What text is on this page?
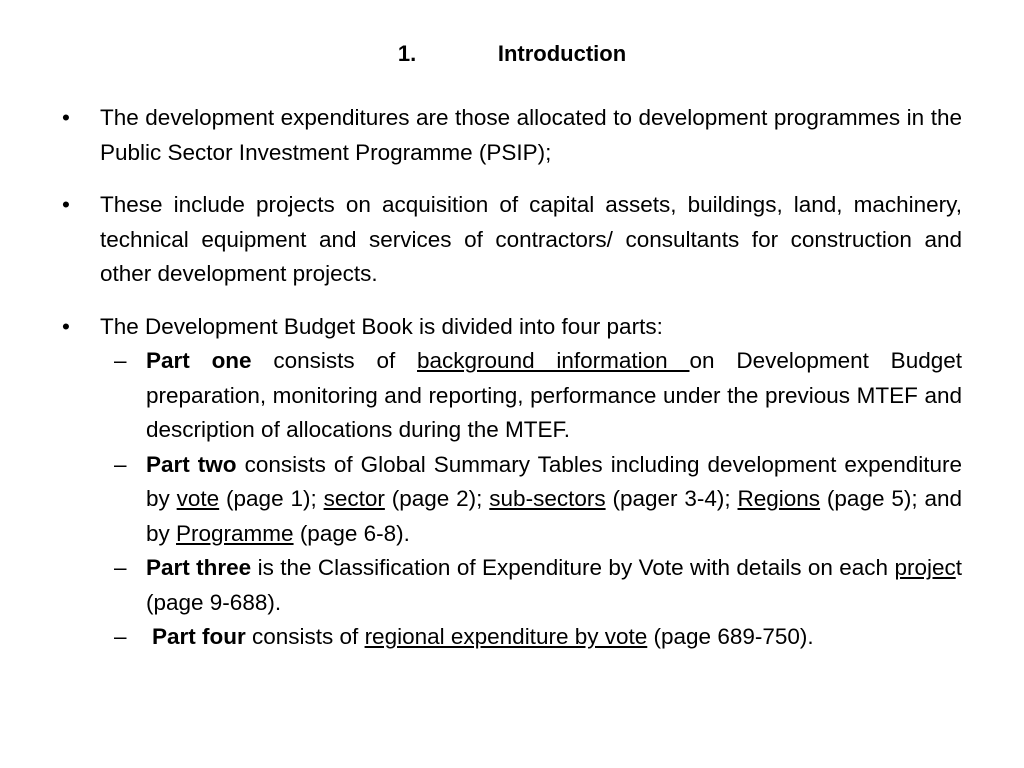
1.	Introduction
•	The development expenditures are those allocated to development programmes in the Public Sector Investment Programme (PSIP);
•	These include projects on acquisition of capital assets, buildings, land, machinery, technical equipment and services of contractors/ consultants for construction and other development projects.
•	The Development Budget Book is divided into four parts:
– Part one consists of background information on Development Budget preparation, monitoring and reporting, performance under the previous MTEF and description of allocations during the MTEF.
– Part two consists of Global Summary Tables including development expenditure by vote (page 1); sector (page 2); sub-sectors (pager 3-4); Regions (page 5); and by Programme (page 6-8).
– Part three is the Classification of Expenditure by Vote with details on each project (page 9-688).
– Part four consists of regional expenditure by vote (page 689-750).
